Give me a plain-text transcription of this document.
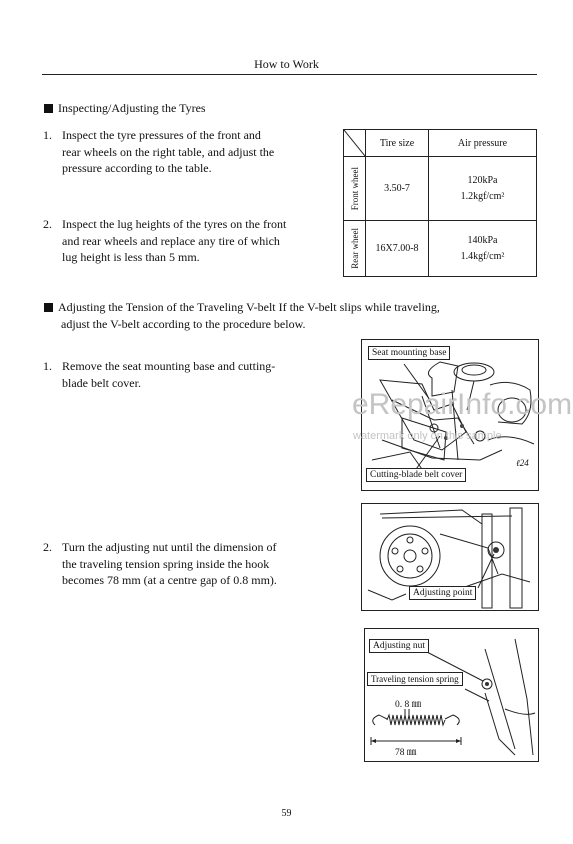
How to Work
Inspecting/Adjusting the Tyres
1. Inspect the tyre pressures of the front and
rear wheels on the right table, and adjust the
pressure according to the table.
2. Inspect the lug heights of the tyres on the front
and rear wheels and replace any tire of which
lug height is less than 5 mm.
	Tire size	Air pressure

Front wheel	3.50-7	120kPa
1.2kgf/cm²

Rear wheel	16X7.00-8	140kPa
1.4kgf/cm²
Adjusting the Tension of the Traveling V-belt If the V-belt slips while traveling,
adjust the V-belt according to the procedure below.
1. Remove the seat mounting base and cutting-
blade belt cover.
2. Turn the adjusting nut until the dimension of
the traveling tension spring inside the hook
becomes 78 mm (at a centre gap of 0.8 mm).
Seat mounting base
Cutting-blade belt cover
ℓ24
Adjusting point
Adjusting nut
Traveling tension spring
0. 8 ㎜
78 ㎜
eRepairInfo.com
watermark only on this sample
59
